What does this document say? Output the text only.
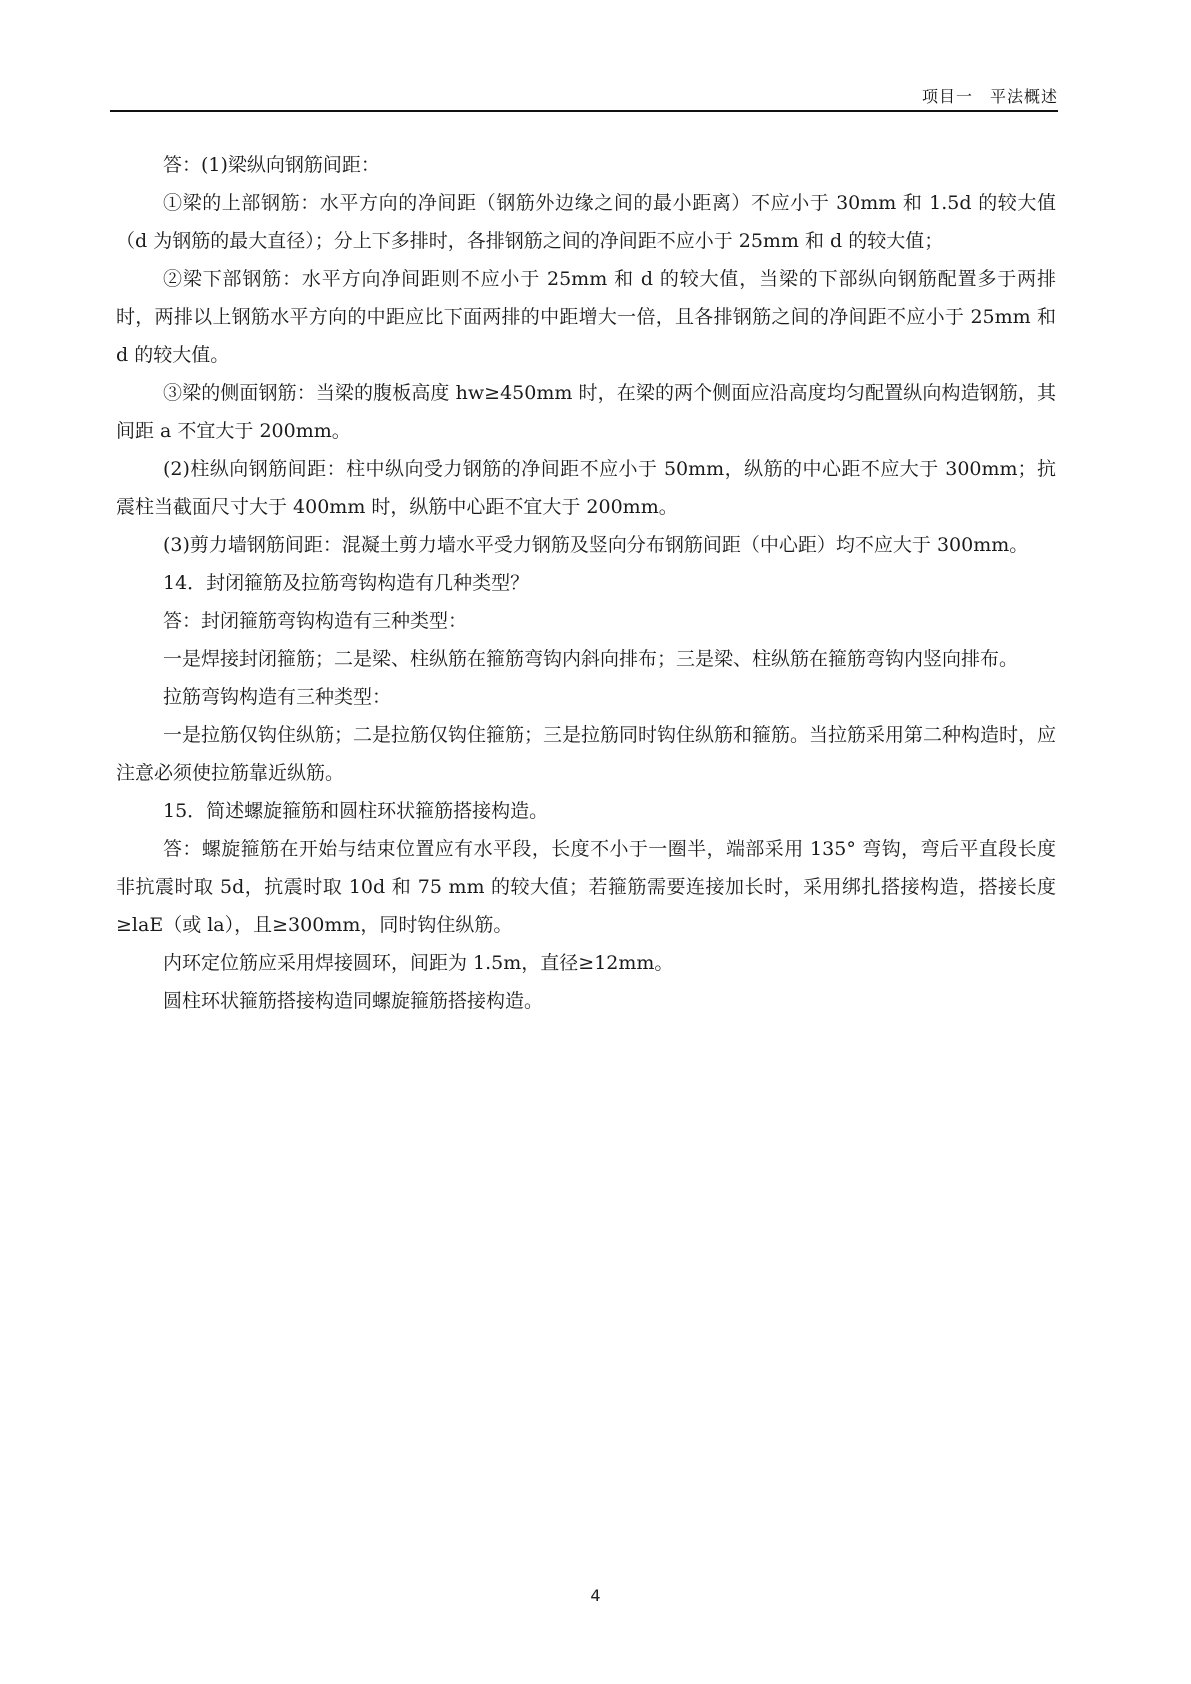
项目一　平法概述

答：(1)梁纵向钢筋间距：

①梁的上部钢筋：水平方向的净间距（钢筋外边缘之间的最小距离）不应小于 30mm 和 1.5d 的较大值（d 为钢筋的最大直径）；分上下多排时，各排钢筋之间的净间距不应小于 25mm 和 d 的较大值；

②梁下部钢筋：水平方向净间距则不应小于 25mm 和 d 的较大值，当梁的下部纵向钢筋配置多于两排时，两排以上钢筋水平方向的中距应比下面两排的中距增大一倍，且各排钢筋之间的净间距不应小于 25mm 和 d 的较大值。

③梁的侧面钢筋：当梁的腹板高度 hw≥450mm 时，在梁的两个侧面应沿高度均匀配置纵向构造钢筋，其间距 a 不宜大于 200mm。

(2)柱纵向钢筋间距：柱中纵向受力钢筋的净间距不应小于 50mm，纵筋的中心距不应大于 300mm；抗震柱当截面尺寸大于 400mm 时，纵筋中心距不宜大于 200mm。

(3)剪力墙钢筋间距：混凝土剪力墙水平受力钢筋及竖向分布钢筋间距（中心距）均不应大于 300mm。

14．封闭箍筋及拉筋弯钩构造有几种类型？

答：封闭箍筋弯钩构造有三种类型：

一是焊接封闭箍筋；二是梁、柱纵筋在箍筋弯钩内斜向排布；三是梁、柱纵筋在箍筋弯钩内竖向排布。

拉筋弯钩构造有三种类型：

一是拉筋仅钩住纵筋；二是拉筋仅钩住箍筋；三是拉筋同时钩住纵筋和箍筋。当拉筋采用第二种构造时，应注意必须使拉筋靠近纵筋。

15．简述螺旋箍筋和圆柱环状箍筋搭接构造。

答：螺旋箍筋在开始与结束位置应有水平段，长度不小于一圈半，端部采用 135° 弯钩，弯后平直段长度非抗震时取 5d，抗震时取 10d 和 75 mm 的较大值；若箍筋需要连接加长时，采用绑扎搭接构造，搭接长度≥laE（或 la），且≥300mm，同时钩住纵筋。

内环定位筋应采用焊接圆环，间距为 1.5m，直径≥12mm。

圆柱环状箍筋搭接构造同螺旋箍筋搭接构造。

4
